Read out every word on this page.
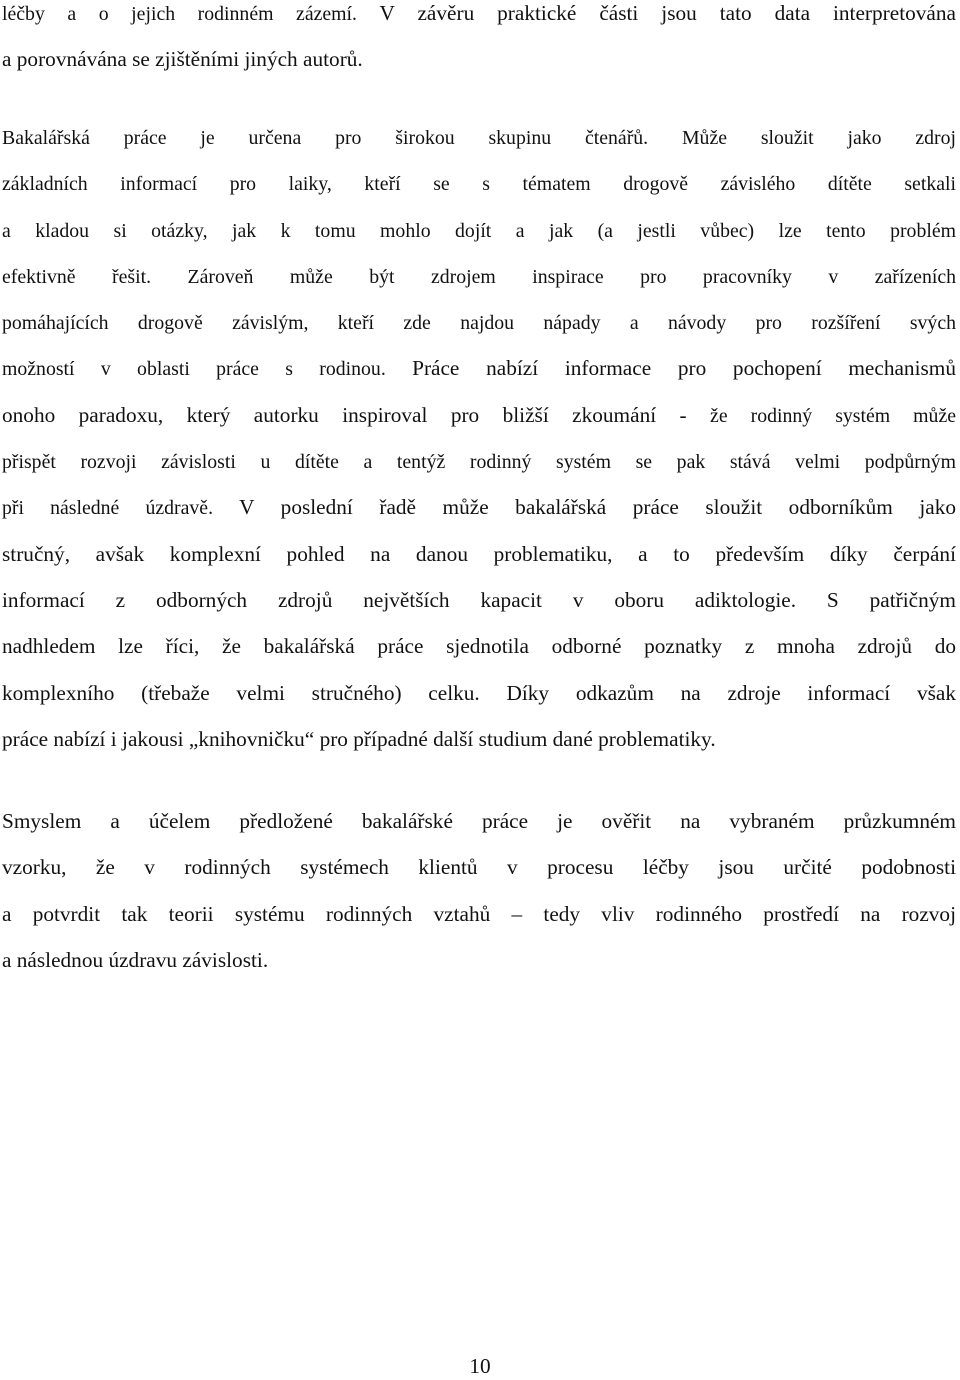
léčby a o jejich rodinném zázemí. V závěru praktické části jsou tato data interpretována
a porovnávána se zjištěními jiných autorů.
Bakalářská práce je určena pro širokou skupinu čtenářů. Může sloužit jako zdroj
základních informací pro laiky, kteří se s tématem drogově závislého dítěte setkali
a kladou si otázky, jak k tomu mohlo dojít a jak (a jestli vůbec) lze tento problém
efektivně řešit. Zároveň může být zdrojem inspirace pro pracovníky v zařízeních
pomáhajících drogově závislým, kteří zde najdou nápady a návody pro rozšíření svých
možností v oblasti práce s rodinou. Práce nabízí informace pro pochopení mechanismů
onoho paradoxu, který autorku inspiroval pro bližší zkoumání - že rodinný systém může
přispět rozvoji závislosti u dítěte a tentýž rodinný systém se pak stává velmi podpůrným
při následné úzdravě. V poslední řadě může bakalářská práce sloužit odborníkům jako
stručný, avšak komplexní pohled na danou problematiku, a to především díky čerpání
informací z odborných zdrojů největších kapacit v oboru adiktologie. S patřičným
nadhledem lze říci, že bakalářská práce sjednotila odborné poznatky z mnoha zdrojů do
komplexního (třebaže velmi stručného) celku. Díky odkazům na zdroje informací však
práce nabízí i jakousi „knihovničku“ pro případné další studium dané problematiky.
Smyslem a účelem předložené bakalářské práce je ověřit na vybraném průzkumném
vzorku, že v rodinných systémech klientů v procesu léčby jsou určité podobnosti
a potvrdit tak teorii systému rodinných vztahů – tedy vliv rodinného prostředí na rozvoj
a následnou úzdravu závislosti.
10
